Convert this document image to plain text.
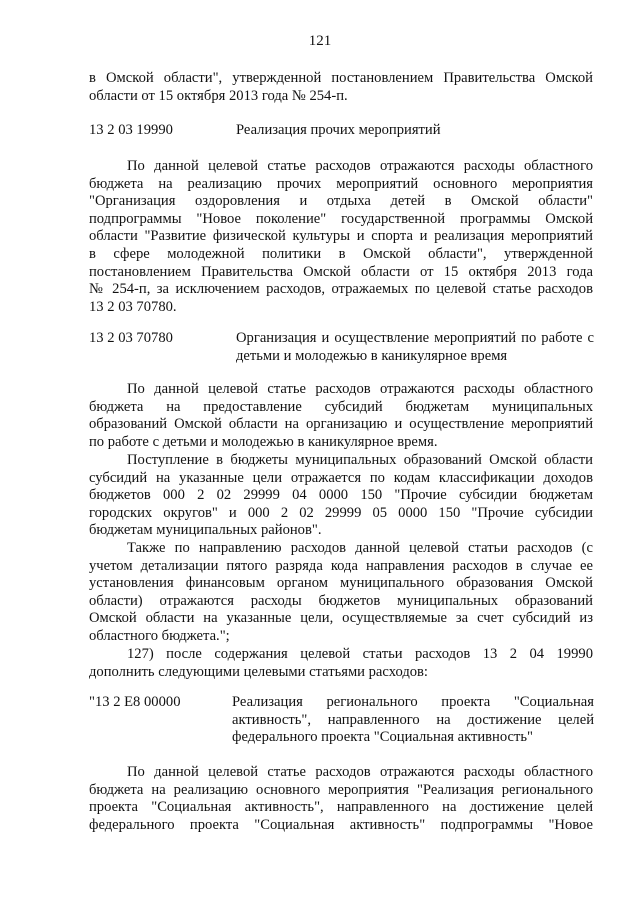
121
в Омской области", утвержденной постановлением Правительства Омской
области от 15 октября 2013 года № 254-п.
13 2 03 19990	Реализация прочих мероприятий
По данной целевой статье расходов отражаются расходы областного
бюджета на реализацию прочих мероприятий основного мероприятия
"Организация оздоровления и отдыха детей в Омской области"
подпрограммы "Новое поколение" государственной программы Омской
области "Развитие физической культуры и спорта и реализация мероприятий
в сфере молодежной политики в Омской области", утвержденной
постановлением Правительства Омской области от 15 октября 2013 года
№ 254-п, за исключением расходов, отражаемых по целевой статье расходов
13 2 03 70780.
13 2 03 70780	Организация и осуществление мероприятий по работе с
детьми и молодежью в каникулярное время
По данной целевой статье расходов отражаются расходы областного
бюджета на предоставление субсидий бюджетам муниципальных
образований Омской области на организацию и осуществление мероприятий
по работе с детьми и молодежью в каникулярное время.
Поступление в бюджеты муниципальных образований Омской области
субсидий на указанные цели отражается по кодам классификации доходов
бюджетов 000 2 02 29999 04 0000 150 "Прочие субсидии бюджетам
городских округов" и 000 2 02 29999 05 0000 150 "Прочие субсидии
бюджетам муниципальных районов".
Также по направлению расходов данной целевой статьи расходов (с
учетом детализации пятого разряда кода направления расходов в случае ее
установления финансовым органом муниципального образования Омской
области) отражаются расходы бюджетов муниципальных образований
Омской области на указанные цели, осуществляемые за счет субсидий из
областного бюджета.";
127) после содержания целевой статьи расходов 13 2 04 19990
дополнить следующими целевыми статьями расходов:
"13 2 E8 00000	Реализация регионального проекта "Социальная
активность", направленного на достижение целей
федерального проекта "Социальная активность"
По данной целевой статье расходов отражаются расходы областного
бюджета на реализацию основного мероприятия "Реализация регионального
проекта "Социальная активность", направленного на достижение целей
федерального проекта "Социальная активность" подпрограммы "Новое
